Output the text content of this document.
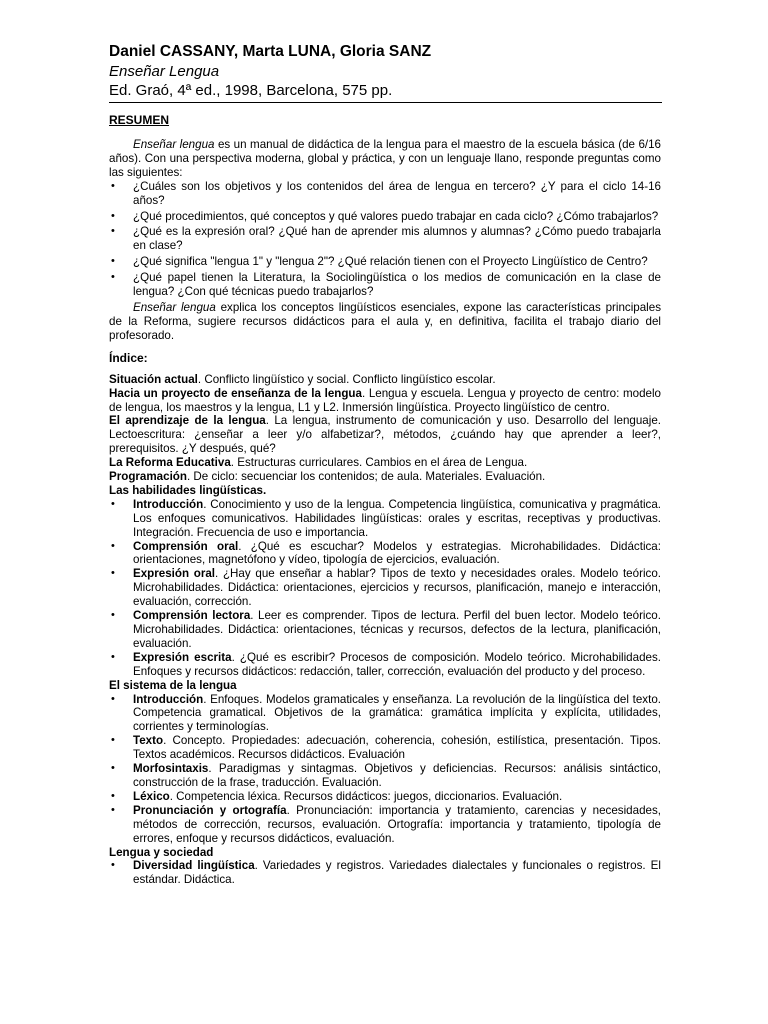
Daniel CASSANY, Marta LUNA, Gloria SANZ

Enseñar Lengua

Ed. Graó, 4ª ed., 1998, Barcelona, 575 pp.

RESUMEN

Enseñar lengua es un manual de didáctica de la lengua para el maestro de la escuela básica (de 6/16 años). Con una perspectiva moderna, global y práctica, y con un lenguaje llano, responde preguntas como las siguientes:

• ¿Cuáles son los objetivos y los contenidos del área de lengua en tercero? ¿Y para el ciclo 14-16 años?
• ¿Qué procedimientos, qué conceptos y qué valores puedo trabajar en cada ciclo? ¿Cómo trabajarlos?
• ¿Qué es la expresión oral? ¿Qué han de aprender mis alumnos y alumnas? ¿Cómo puedo trabajarla en clase?
• ¿Qué significa "lengua 1" y "lengua 2"? ¿Qué relación tienen con el Proyecto Lingüístico de Centro?
• ¿Qué papel tienen la Literatura, la Sociolingüística o los medios de comunicación en la clase de lengua? ¿Con qué técnicas puedo trabajarlos?

Enseñar lengua explica los conceptos lingüísticos esenciales, expone las características principales de la Reforma, sugiere recursos didácticos para el aula y, en definitiva, facilita el trabajo diario del profesorado.

Índice:

Situación actual. Conflicto lingüístico y social. Conflicto lingüístico escolar.

Hacia un proyecto de enseñanza de la lengua. Lengua y escuela. Lengua y proyecto de centro: modelo de lengua, los maestros y la lengua, L1 y L2. Inmersión lingüística. Proyecto lingüístico de centro.

El aprendizaje de la lengua. La lengua, instrumento de comunicación y uso. Desarrollo del lenguaje. Lectoescritura: ¿enseñar a leer y/o alfabetizar?, métodos, ¿cuándo hay que aprender a leer?, prerequisitos. ¿Y después, qué?

La Reforma Educativa. Estructuras curriculares. Cambios en el área de Lengua.

Programación. De ciclo: secuenciar los contenidos; de aula. Materiales. Evaluación.

Las habilidades lingüísticas.

• Introducción. Conocimiento y uso de la lengua. Competencia lingüística, comunicativa y pragmática. Los enfoques comunicativos. Habilidades lingüísticas: orales y escritas, receptivas y productivas. Integración. Frecuencia de uso e importancia.
• Comprensión oral. ¿Qué es escuchar? Modelos y estrategias. Microhabilidades. Didáctica: orientaciones, magnetófono y vídeo, tipología de ejercicios, evaluación.
• Expresión oral. ¿Hay que enseñar a hablar? Tipos de texto y necesidades orales. Modelo teórico. Microhabilidades. Didáctica: orientaciones, ejercicios y recursos, planificación, manejo e interacción, evaluación, corrección.
• Comprensión lectora. Leer es comprender. Tipos de lectura. Perfil del buen lector. Modelo teórico. Microhabilidades. Didáctica: orientaciones, técnicas y recursos, defectos de la lectura, planificación, evaluación.
• Expresión escrita. ¿Qué es escribir? Procesos de composición. Modelo teórico. Microhabilidades. Enfoques y recursos didácticos: redacción, taller, corrección, evaluación del producto y del proceso.

El sistema de la lengua

• Introducción. Enfoques. Modelos gramaticales y enseñanza. La revolución de la lingüística del texto. Competencia gramatical. Objetivos de la gramática: gramática implícita y explícita, utilidades, corrientes y terminologías.
• Texto. Concepto. Propiedades: adecuación, coherencia, cohesión, estilística, presentación. Tipos. Textos académicos. Recursos didácticos. Evaluación
• Morfosintaxis. Paradigmas y sintagmas. Objetivos y deficiencias. Recursos: análisis sintáctico, construcción de la frase, traducción. Evaluación.
• Léxico. Competencia léxica. Recursos didácticos: juegos, diccionarios. Evaluación.
• Pronunciación y ortografía. Pronunciación: importancia y tratamiento, carencias y necesidades, métodos de corrección, recursos, evaluación. Ortografía: importancia y tratamiento, tipología de errores, enfoque y recursos didácticos, evaluación.

Lengua y sociedad

• Diversidad lingüística. Variedades y registros. Variedades dialectales y funcionales o registros. El estándar. Didáctica.
